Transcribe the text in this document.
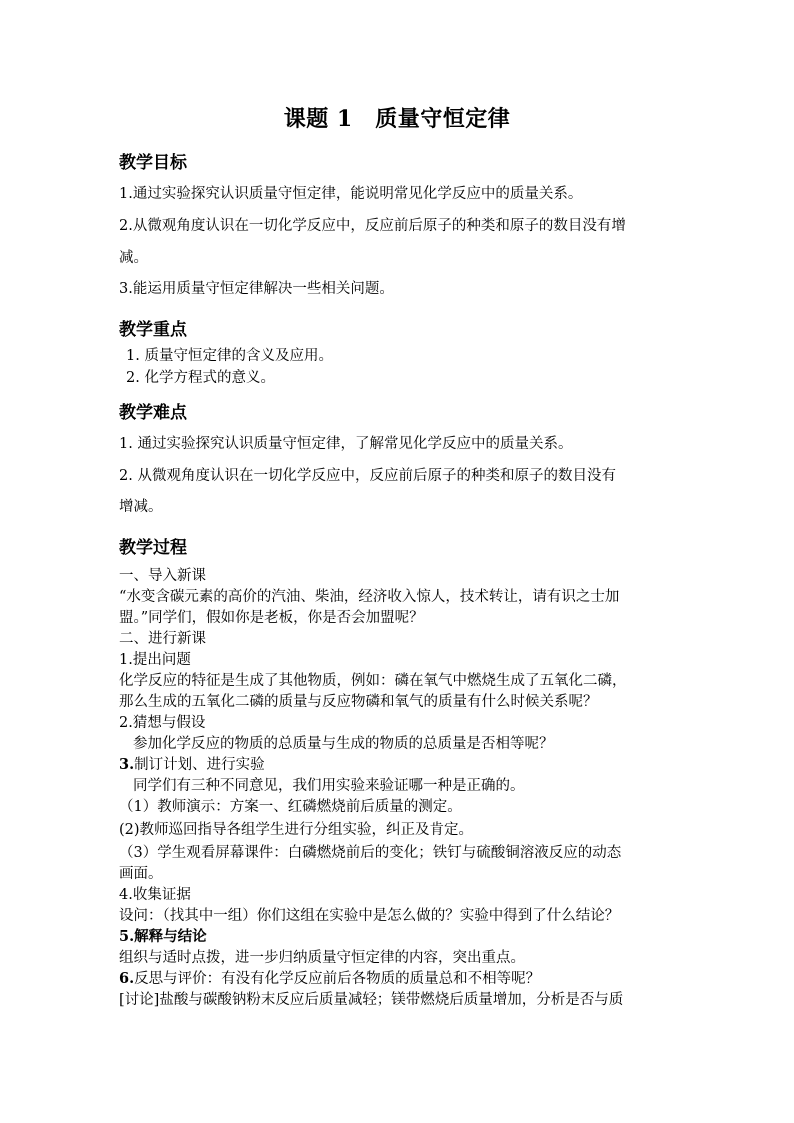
课题 1　质量守恒定律
教学目标
1.通过实验探究认识质量守恒定律，能说明常见化学反应中的质量关系。
2.从微观角度认识在一切化学反应中，反应前后原子的种类和原子的数目没有增
减。
3.能运用质量守恒定律解决一些相关问题。
教学重点
1. 质量守恒定律的含义及应用。
2. 化学方程式的意义。
教学难点
1. 通过实验探究认识质量守恒定律，了解常见化学反应中的质量关系。
2. 从微观角度认识在一切化学反应中，反应前后原子的种类和原子的数目没有
增减。
教学过程
一、导入新课
“水变含碳元素的高价的汽油、柴油，经济收入惊人，技术转让，请有识之士加
盟。”同学们，假如你是老板，你是否会加盟呢？
二、进行新课
1.提出问题
化学反应的特征是生成了其他物质，例如：磷在氧气中燃烧生成了五氧化二磷，
那么生成的五氧化二磷的质量与反应物磷和氧气的质量有什么时候关系呢？
2.猜想与假设
参加化学反应的物质的总质量与生成的物质的总质量是否相等呢？
3.制订计划、进行实验
同学们有三种不同意见，我们用实验来验证哪一种是正确的。
（1）教师演示：方案一、红磷燃烧前后质量的测定。
(2)教师巡回指导各组学生进行分组实验，纠正及肯定。
（3）学生观看屏幕课件：白磷燃烧前后的变化；铁钉与硫酸铜溶液反应的动态
画面。
4.收集证据
设问：（找其中一组）你们这组在实验中是怎么做的？实验中得到了什么结论？
5.解释与结论
组织与适时点拨，进一步归纳质量守恒定律的内容，突出重点。
6.反思与评价：有没有化学反应前后各物质的质量总和不相等呢？
[讨论]盐酸与碳酸钠粉末反应后质量减轻；镁带燃烧后质量增加，分析是否与质
